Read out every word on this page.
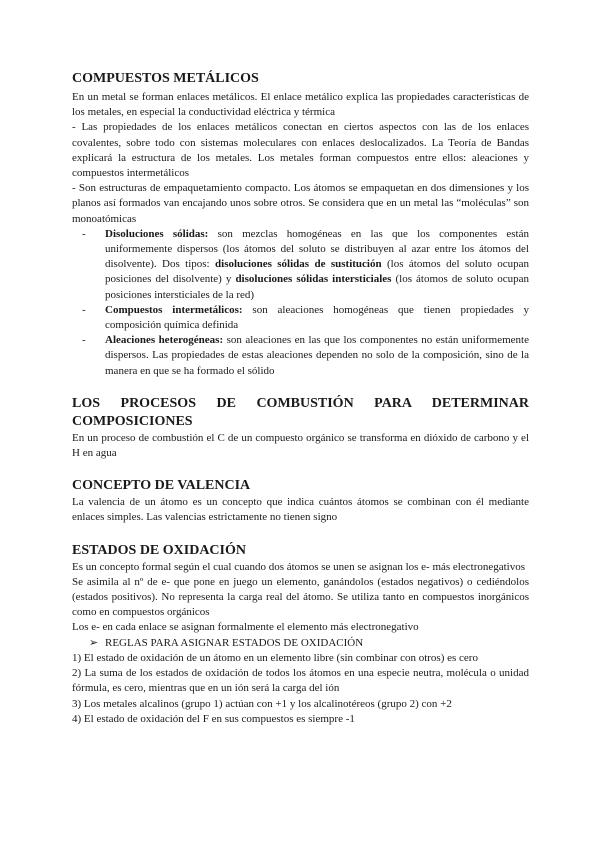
COMPUESTOS METÁLICOS

En un metal se forman enlaces metálicos. El enlace metálico explica las propiedades características de los metales, en especial la conductividad eléctrica y térmica

- Las propiedades de los enlaces metálicos conectan en ciertos aspectos con las de los enlaces covalentes, sobre todo con sistemas moleculares con enlaces deslocalizados. La Teoría de Bandas explicará la estructura de los metales. Los metales forman compuestos entre ellos: aleaciones y compuestos intermetálicos

- Son estructuras de empaquetamiento compacto. Los átomos se empaquetan en dos dimensiones y los planos así formados van encajando unos sobre otros. Se considera que en un metal las “moléculas” son monoatómicas

- Disoluciones sólidas: son mezclas homogéneas en las que los componentes están uniformemente dispersos (los átomos del soluto se distribuyen al azar entre los átomos del disolvente). Dos tipos: disoluciones sólidas de sustitución (los átomos del soluto ocupan posiciones del disolvente) y disoluciones sólidas intersticiales (los átomos de soluto ocupan posiciones intersticiales de la red)
- Compuestos intermetálicos: son aleaciones homogéneas que tienen propiedades y composición química definida
- Aleaciones heterogéneas: son aleaciones en las que los componentes no están uniformemente dispersos. Las propiedades de estas aleaciones dependen no solo de la composición, sino de la manera en que se ha formado el sólido
LOS PROCESOS DE COMBUSTIÓN PARA DETERMINAR
COMPOSICIONES

En un proceso de combustión el C de un compuesto orgánico se transforma en dióxido de carbono y el H en agua

CONCEPTO DE VALENCIA

La valencia de un átomo es un concepto que indica cuántos átomos se combinan con él mediante enlaces simples. Las valencias estrictamente no tienen signo

ESTADOS DE OXIDACIÓN

Es un concepto formal según el cual cuando dos átomos se unen se asignan los e- más electronegativos

Se asimila al nº de e- que pone en juego un elemento, ganándolos (estados negativos) o cediéndolos (estados positivos). No representa la carga real del átomo. Se utiliza tanto en compuestos inorgánicos como en compuestos orgánicos

Los e- en cada enlace se asignan formalmente el elemento más electronegativo

➢ REGLAS PARA ASIGNAR ESTADOS DE OXIDACIÓN

1) El estado de oxidación de un átomo en un elemento libre (sin combinar con otros) es cero

2) La suma de los estados de oxidación de todos los átomos en una especie neutra, molécula o unidad fórmula, es cero, mientras que en un ión será la carga del ión

3) Los metales alcalinos (grupo 1) actúan con +1 y los alcalinotéreos (grupo 2) con +2

4) El estado de oxidación del F en sus compuestos es siempre -1
